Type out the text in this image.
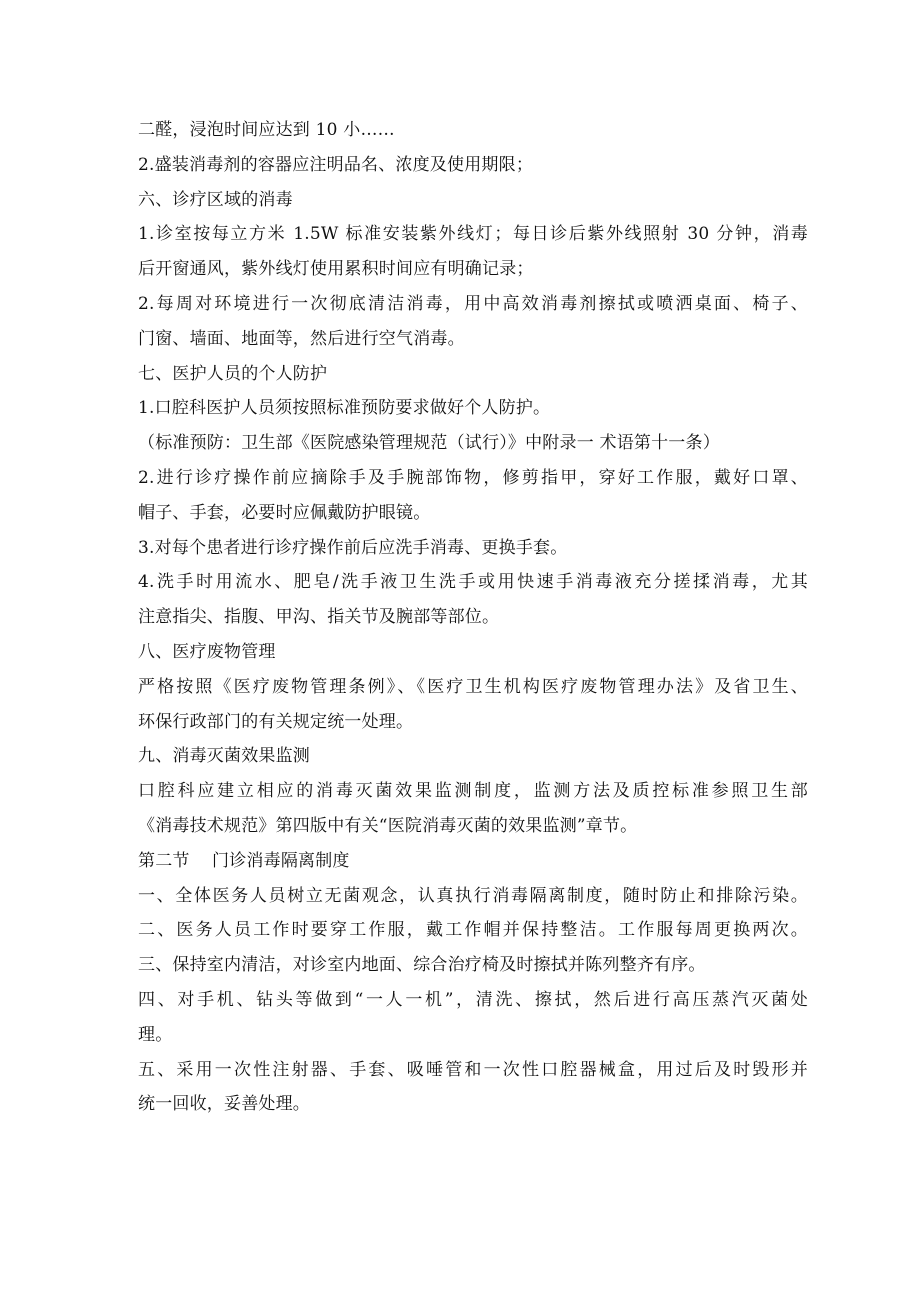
二醛，浸泡时间应达到 10 小……
2.盛装消毒剂的容器应注明品名、浓度及使用期限；
六、诊疗区域的消毒
1.诊室按每立方米 1.5W 标准安装紫外线灯；每日诊后紫外线照射 30 分钟，消毒
后开窗通风，紫外线灯使用累积时间应有明确记录；
2.每周对环境进行一次彻底清洁消毒，用中高效消毒剂擦拭或喷洒桌面、椅子、
门窗、墙面、地面等，然后进行空气消毒。
七、医护人员的个人防护
1.口腔科医护人员须按照标准预防要求做好个人防护。
（标准预防：卫生部《医院感染管理规范（试行）》中附录一 术语第十一条）
2.进行诊疗操作前应摘除手及手腕部饰物，修剪指甲，穿好工作服，戴好口罩、
帽子、手套，必要时应佩戴防护眼镜。
3.对每个患者进行诊疗操作前后应洗手消毒、更换手套。
4.洗手时用流水、肥皂/洗手液卫生洗手或用快速手消毒液充分搓揉消毒，尤其
注意指尖、指腹、甲沟、指关节及腕部等部位。
八、医疗废物管理
严格按照《医疗废物管理条例》、《医疗卫生机构医疗废物管理办法》及省卫生、
环保行政部门的有关规定统一处理。
九、消毒灭菌效果监测
口腔科应建立相应的消毒灭菌效果监测制度，监测方法及质控标准参照卫生部
《消毒技术规范》第四版中有关“医院消毒灭菌的效果监测”章节。
第二节    门诊消毒隔离制度
一、全体医务人员树立无菌观念，认真执行消毒隔离制度，随时防止和排除污染。
二、医务人员工作时要穿工作服，戴工作帽并保持整洁。工作服每周更换两次。
三、保持室内清洁，对诊室内地面、综合治疗椅及时擦拭并陈列整齐有序。
四、对手机、钻头等做到“一人一机”，清洗、擦拭，然后进行高压蒸汽灭菌处
理。
五、采用一次性注射器、手套、吸唾管和一次性口腔器械盒，用过后及时毁形并
统一回收，妥善处理。
